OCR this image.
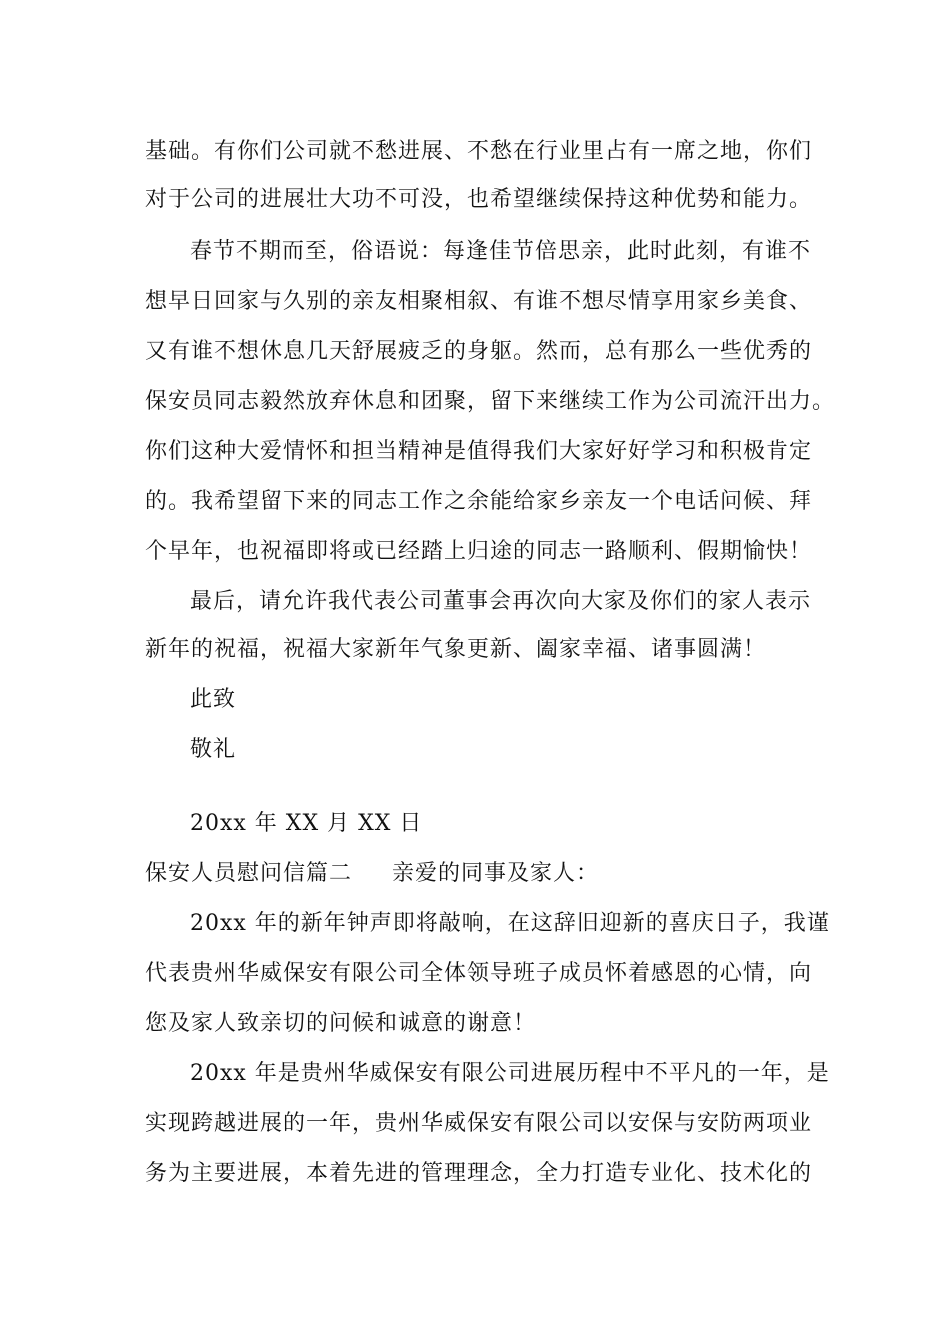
基础。有你们公司就不愁进展、不愁在行业里占有一席之地，你们
对于公司的进展壮大功不可没，也希望继续保持这种优势和能力。
春节不期而至，俗语说：每逢佳节倍思亲，此时此刻，有谁不
想早日回家与久别的亲友相聚相叙、有谁不想尽情享用家乡美食、
又有谁不想休息几天舒展疲乏的身躯。然而，总有那么一些优秀的
保安员同志毅然放弃休息和团聚，留下来继续工作为公司流汗出力。
你们这种大爱情怀和担当精神是值得我们大家好好学习和积极肯定
的。我希望留下来的同志工作之余能给家乡亲友一个电话问候、拜
个早年，也祝福即将或已经踏上归途的同志一路顺利、假期愉快！
最后，请允许我代表公司董事会再次向大家及你们的家人表示
新年的祝福，祝福大家新年气象更新、阖家幸福、诸事圆满！
此致
敬礼
20xx 年 XX 月 XX 日
保安人员慰问信篇二 亲爱的同事及家人：
20xx 年的新年钟声即将敲响，在这辞旧迎新的喜庆日子，我谨
代表贵州华威保安有限公司全体领导班子成员怀着感恩的心情，向
您及家人致亲切的问候和诚意的谢意！
20xx 年是贵州华威保安有限公司进展历程中不平凡的一年，是
实现跨越进展的一年，贵州华威保安有限公司以安保与安防两项业
务为主要进展，本着先进的管理理念，全力打造专业化、技术化的
